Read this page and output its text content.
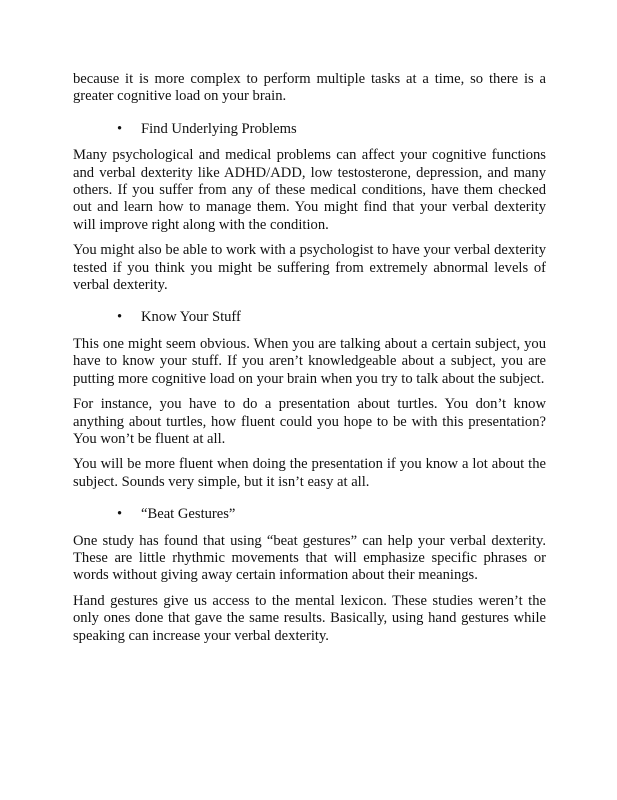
because it is more complex to perform multiple tasks at a time, so there is a greater cognitive load on your brain.

• Find Underlying Problems

Many psychological and medical problems can affect your cognitive functions and verbal dexterity like ADHD/ADD, low testosterone, depression, and many others. If you suffer from any of these medical conditions, have them checked out and learn how to manage them. You might find that your verbal dexterity will improve right along with the condition.

You might also be able to work with a psychologist to have your verbal dexterity tested if you think you might be suffering from extremely abnormal levels of verbal dexterity.

• Know Your Stuff

This one might seem obvious. When you are talking about a certain subject, you have to know your stuff. If you aren’t knowledgeable about a subject, you are putting more cognitive load on your brain when you try to talk about the subject.

For instance, you have to do a presentation about turtles. You don’t know anything about turtles, how fluent could you hope to be with this presentation? You won’t be fluent at all.

You will be more fluent when doing the presentation if you know a lot about the subject. Sounds very simple, but it isn’t easy at all.

• “Beat Gestures”

One study has found that using “beat gestures” can help your verbal dexterity. These are little rhythmic movements that will emphasize specific phrases or words without giving away certain information about their meanings.

Hand gestures give us access to the mental lexicon. These studies weren’t the only ones done that gave the same results. Basically, using hand gestures while speaking can increase your verbal dexterity.
